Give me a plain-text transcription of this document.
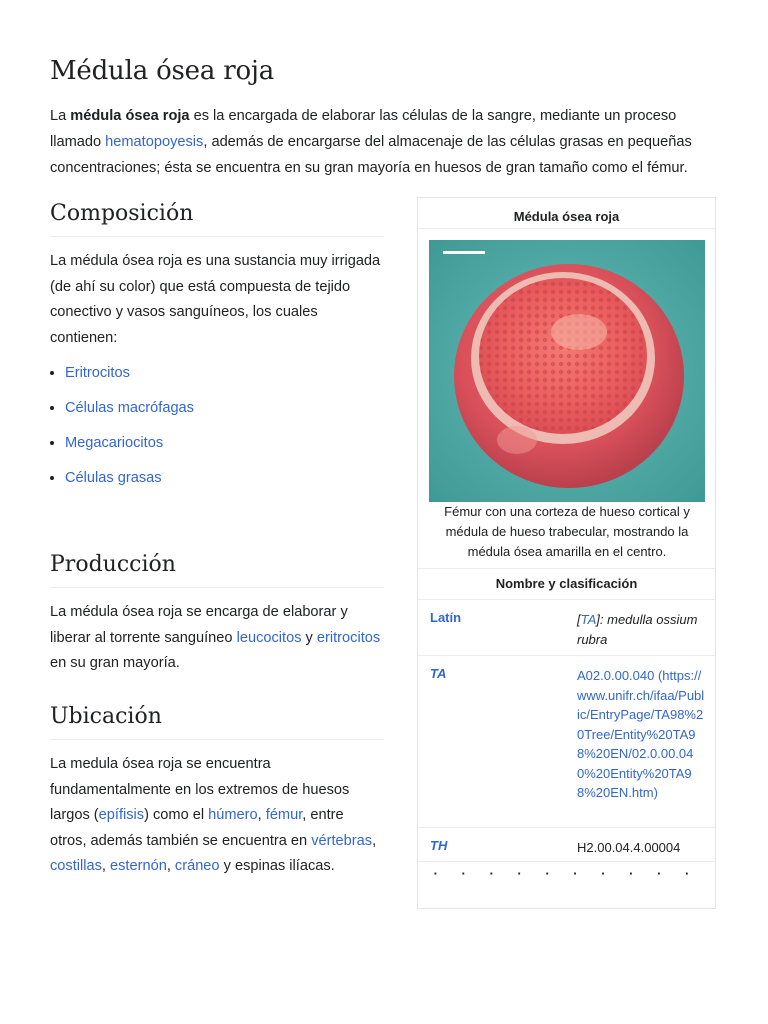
Médula ósea roja

La médula ósea roja es la encargada de elaborar las células de la sangre, mediante un proceso llamado hematopoyesis, además de encargarse del almacenaje de las células grasas en pequeñas concentraciones; ésta se encuentra en su gran mayoría en huesos de gran tamaño como el fémur.

Composición

La médula ósea roja es una sustancia muy irrigada (de ahí su color) que está compuesta de tejido conectivo y vasos sanguíneos, los cuales contienen:

• Eritrocitos
• Células macrófagas
• Megacariocitos
• Células grasas
Producción

La médula ósea roja se encarga de elaborar y liberar al torrente sanguíneo leucocitos y eritrocitos en su gran mayoría.

Ubicación

La medula ósea roja se encuentra fundamentalmente en los extremos de huesos largos (epífisis) como el húmero, fémur, entre otros, además también se encuentra en vértebras, costillas, esternón, cráneo y espinas ilíacas.

Médula ósea roja
Fémur con una corteza de hueso cortical y médula de hueso trabecular, mostrando la médula ósea amarilla en el centro.
Nombre y clasificación
Latín	[TA]: medulla ossium rubra
TA	A02.0.00.040 (https://www.unifr.ch/ifaa/Public/EntryPage/TA98%20Tree/Entity%20TA98%20EN/02.0.00.040%20Entity%20TA98%20EN.htm)
TH	H2.00.04.4.00004
· · · · · · · · · ·
